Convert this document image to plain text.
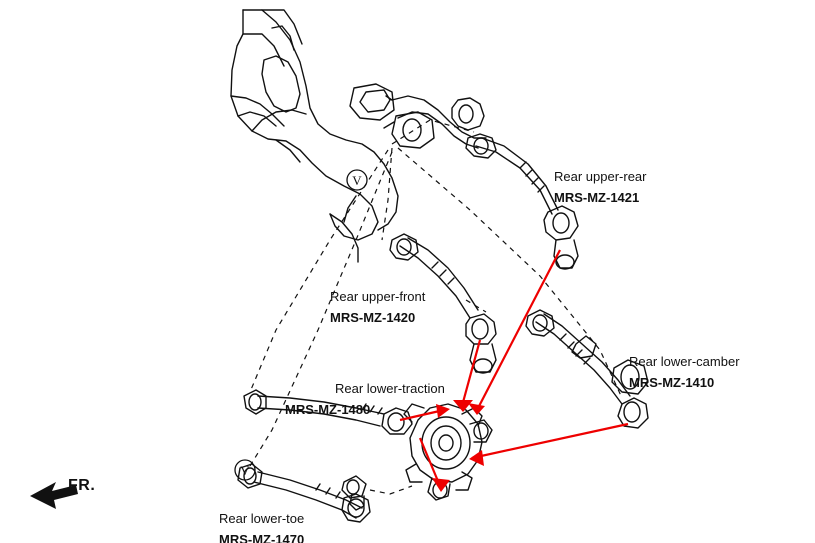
V
V
Rear upper-rear
MRS-MZ-1421
Rear upper-front
MRS-MZ-1420
Rear lower-camber
MRS-MZ-1410
Rear lower-traction
MRS-MZ-1480
Rear lower-toe
MRS-MZ-1470
FR.
